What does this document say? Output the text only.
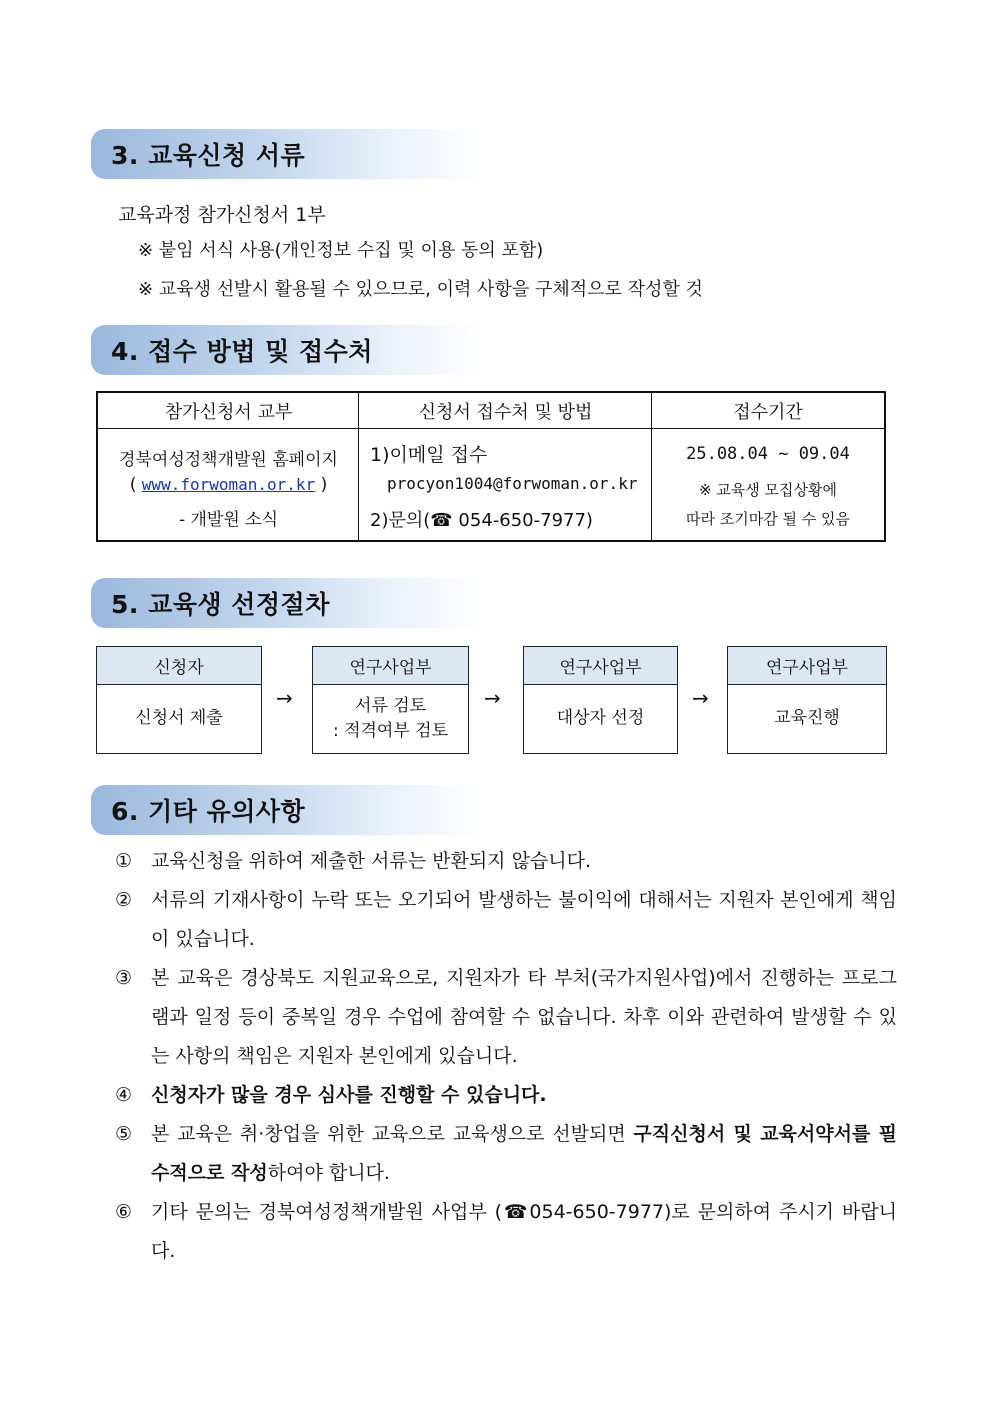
3. 교육신청 서류
교육과정 참가신청서 1부
※ 붙임 서식 사용(개인정보 수집 및 이용 동의 포함)
※ 교육생 선발시 활용될 수 있으므로, 이력 사항을 구체적으로 작성할 것
4. 접수 방법 및 접수처
참가신청서 교부	신청서 접수처 및 방법	접수기간
경북여성정책개발원 홈페이지
( www.forwoman.or.kr )
- 개발원 소식
1)이메일 접수
procyon1004@forwoman.or.kr
2)문의(☎ 054-650-7977)
25.08.04 ~ 09.04
※ 교육생 모집상황에
따라 조기마감 될 수 있음
5. 교육생 선정절차
신청자
신청서 제출
→
연구사업부
서류 검토
: 적격여부 검토
→
연구사업부
대상자 선정
→
연구사업부
교육진행
6. 기타 유의사항
① 교육신청을 위하여 제출한 서류는 반환되지 않습니다.
② 서류의 기재사항이 누락 또는 오기되어 발생하는 불이익에 대해서는 지원자 본인에게 책임이 있습니다.
③ 본 교육은 경상북도 지원교육으로, 지원자가 타 부처(국가지원사업)에서 진행하는 프로그램과 일정 등이 중복일 경우 수업에 참여할 수 없습니다. 차후 이와 관련하여 발생할 수 있는 사항의 책임은 지원자 본인에게 있습니다.
④ 신청자가 많을 경우 심사를 진행할 수 있습니다.
⑤ 본 교육은 취·창업을 위한 교육으로 교육생으로 선발되면 구직신청서 및 교육서약서를 필수적으로 작성하여야 합니다.
⑥ 기타 문의는 경북여성정책개발원 사업부 (☎054-650-7977)로 문의하여 주시기 바랍니다.
